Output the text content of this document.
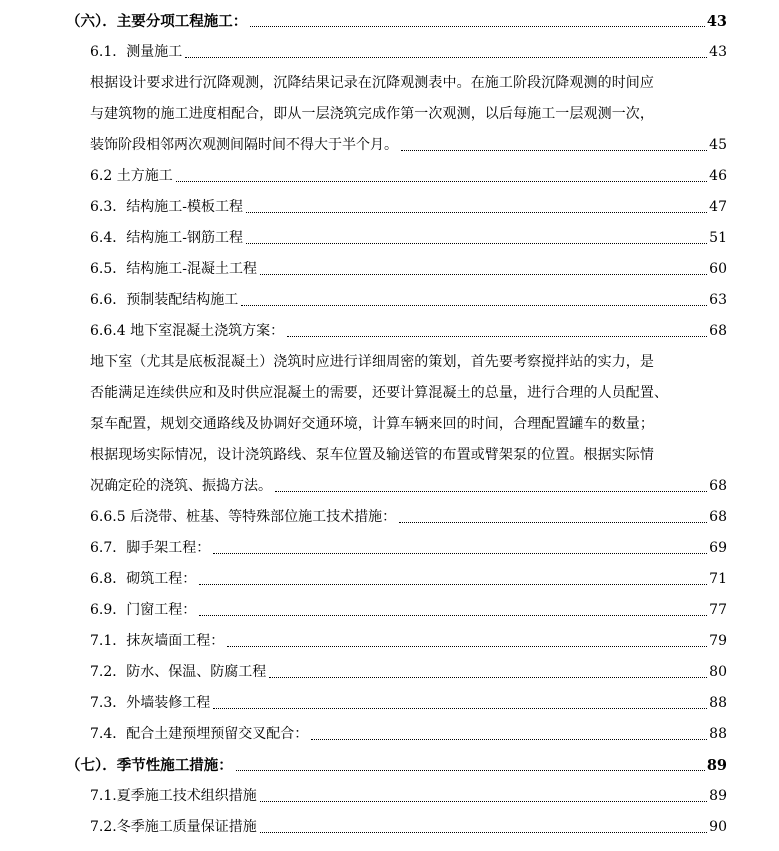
（六）．主要分项工程施工：	43
6.1．测量施工	43
根据设计要求进行沉降观测，沉降结果记录在沉降观测表中。在施工阶段沉降观测的时间应
与建筑物的施工进度相配合，即从一层浇筑完成作第一次观测，以后每施工一层观测一次，
装饰阶段相邻两次观测间隔时间不得大于半个月。	45
6.2 土方施工	46
6.3．结构施工-模板工程	47
6.4．结构施工-钢筋工程	51
6.5．结构施工-混凝土工程	60
6.6．预制装配结构施工	63
6.6.4 地下室混凝土浇筑方案：	68
地下室（尤其是底板混凝土）浇筑时应进行详细周密的策划，首先要考察搅拌站的实力，是
否能满足连续供应和及时供应混凝土的需要，还要计算混凝土的总量，进行合理的人员配置、
泵车配置，规划交通路线及协调好交通环境，计算车辆来回的时间，合理配置罐车的数量；
根据现场实际情况，设计浇筑路线、泵车位置及输送管的布置或臂架泵的位置。根据实际情
况确定砼的浇筑、振捣方法。	68
6.6.5 后浇带、桩基、等特殊部位施工技术措施：	68
6.7．脚手架工程：	69
6.8．砌筑工程：	71
6.9．门窗工程：	77
7.1．抹灰墙面工程：	79
7.2．防水、保温、防腐工程	80
7.3．外墙装修工程	88
7.4．配合土建预埋预留交叉配合：	88
（七）．季节性施工措施：	89
7.1.夏季施工技术组织措施	89
7.2.冬季施工质量保证措施	90
